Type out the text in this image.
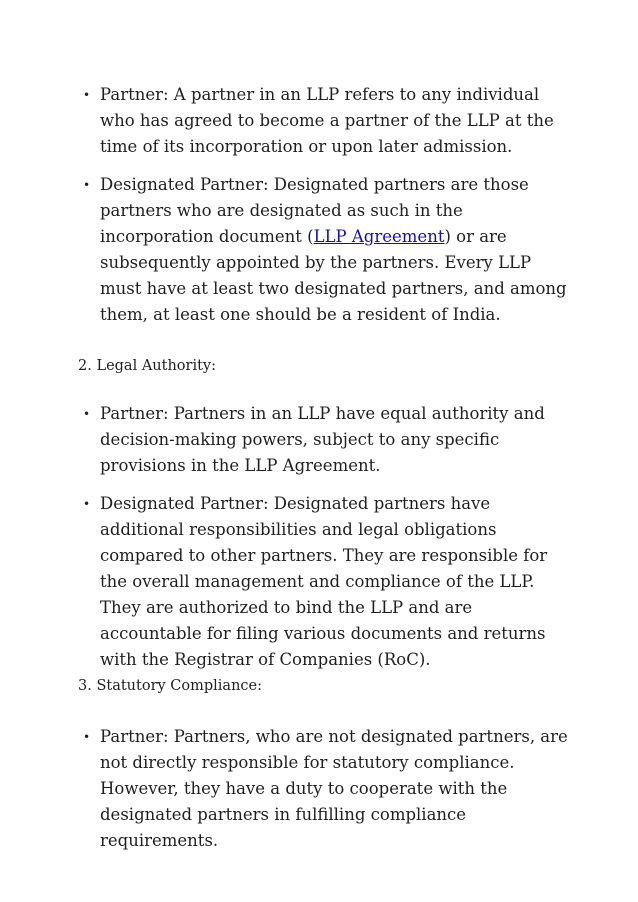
• Partner: A partner in an LLP refers to any individual who has agreed to become a partner of the LLP at the time of its incorporation or upon later admission.
• Designated Partner: Designated partners are those partners who are designated as such in the incorporation document (LLP Agreement) or are subsequently appointed by the partners. Every LLP must have at least two designated partners, and among them, at least one should be a resident of India.
2. Legal Authority:
• Partner: Partners in an LLP have equal authority and decision-making powers, subject to any specific provisions in the LLP Agreement.
• Designated Partner: Designated partners have additional responsibilities and legal obligations compared to other partners. They are responsible for the overall management and compliance of the LLP. They are authorized to bind the LLP and are accountable for filing various documents and returns with the Registrar of Companies (RoC).
3. Statutory Compliance:
• Partner: Partners, who are not designated partners, are not directly responsible for statutory compliance. However, they have a duty to cooperate with the designated partners in fulfilling compliance requirements.
